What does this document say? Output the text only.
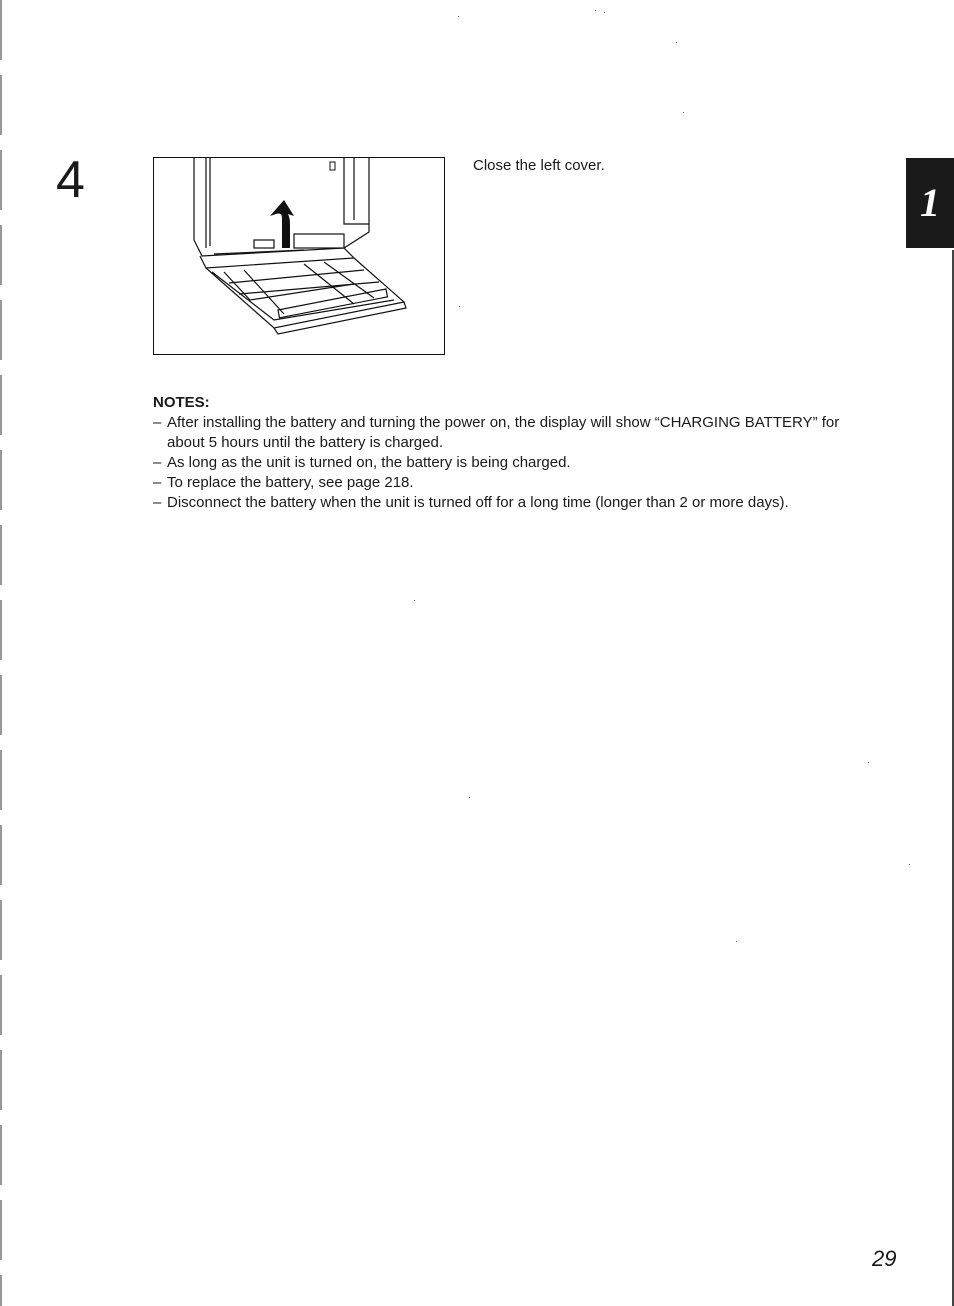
4	Close the left cover.
1

NOTES:

– After installing the battery and turning the power on, the display will show “CHARGING BATTERY” for about 5 hours until the battery is charged.
– As long as the unit is turned on, the battery is being charged.
– To replace the battery, see page 218.
– Disconnect the battery when the unit is turned off for a long time (longer than 2 or more days).
29
